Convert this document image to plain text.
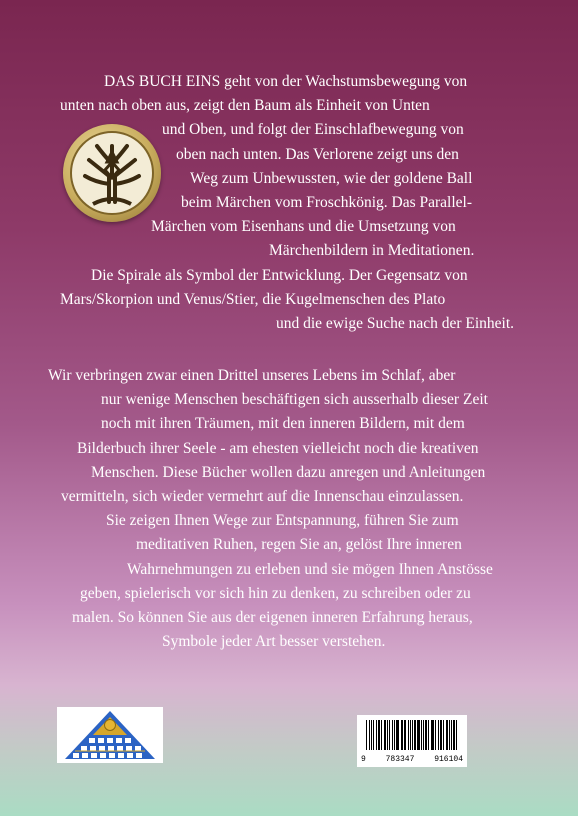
DAS BUCH EINS geht von der Wachstumsbewegung von
unten nach oben aus, zeigt den Baum als Einheit von Unten
und Oben, und folgt der Einschlafbewegung von
oben nach unten. Das Verlorene zeigt uns den
Weg zum Unbewussten, wie der goldene Ball
beim Märchen vom Froschkönig. Das Parallel-
Märchen vom Eisenhans und die Umsetzung von
Märchenbildern in Meditationen.
Die Spirale als Symbol der Entwicklung. Der Gegensatz von
Mars/Skorpion und Venus/Stier, die Kugelmenschen des Plato
und die ewige Suche nach der Einheit.
Wir verbringen zwar einen Drittel unseres Lebens im Schlaf, aber
nur wenige Menschen beschäftigen sich ausserhalb dieser Zeit
noch mit ihren Träumen, mit den inneren Bildern, mit dem
Bilderbuch ihrer Seele - am ehesten vielleicht noch die kreativen
Menschen. Diese Bücher wollen dazu anregen und Anleitungen
vermitteln, sich wieder vermehrt auf die Innenschau einzulassen.
Sie zeigen Ihnen Wege zur Entspannung, führen Sie zum
meditativen Ruhen, regen Sie an, gelöst Ihre inneren
Wahrnehmungen zu erleben und sie mögen Ihnen Anstösse
geben, spielerisch vor sich hin zu denken, zu schreiben oder zu
malen. So können Sie aus der eigenen inneren Erfahrung heraus,
Symbole jeder Art besser verstehen.
9 783347 916104
